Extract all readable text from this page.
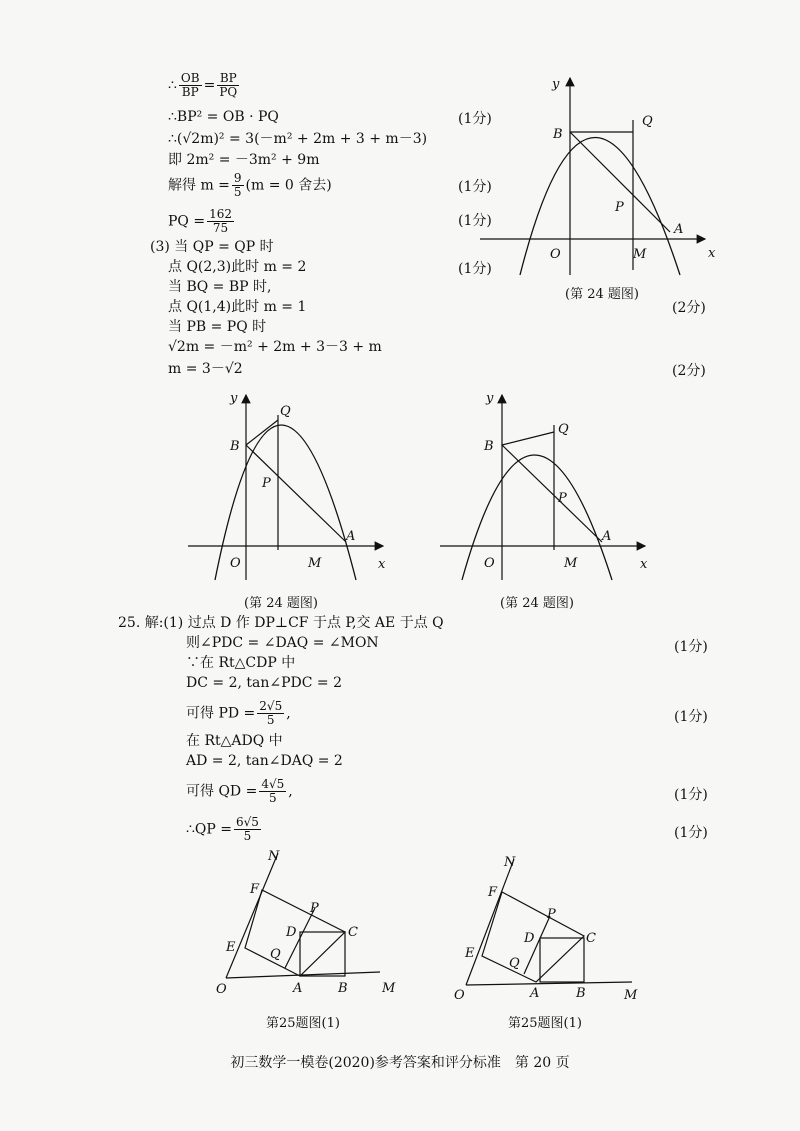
∴ $\frac{OB}{BP} = \frac{BP}{PQ}$
∴BP² = OB · PQ
∴(√2m)² = 3(－m² + 2m + 3 + m－3)
即 2m² = －3m² + 9m
解得 $m = \frac{9}{5} (m = 0$ 舍去)
PQ = $\frac{162}{75}$
(3) 当 QP = QP 时
点 Q(2,3)此时 m = 2
当 BQ = BP 时,
点 Q(1,4)此时 m = 1
当 PB = PQ 时
√2m = －m² + 2m + 3－3 + m
m = 3－√2
(1分)
(1分)
(1分)
(1分)
(2分)
(2分)
y
x
O	M
A
B
Q
P
(第 24 题图)
y
x
O	M
A
B
Q
P
(第 24 题图)
y
x
O	M
A
B
Q
P
(第 24 题图)
25. 解:(1) 过点 D 作 DP⊥CF 于点 P,交 AE 于点 Q
则∠PDC = ∠DAQ = ∠MON
∵在 Rt△CDP 中
DC = 2, tan∠PDC = 2
可得 PD = $\frac{2√5}{5}$ ,
在 Rt△ADQ 中
AD = 2, tan∠DAQ = 2
可得 QD = $\frac{4√5}{5}$ ,
∴QP = $\frac{6√5}{5}$
(1分)
(1分)
(1分)
(1分)
N
F
E
O	A	B	M
C
D
P
Q
第25题图(1)
N
F
E
O	A	B	M
C
D
P
Q
第25题图(1)
初三数学一模卷(2020)参考答案和评分标准　第 20 页
